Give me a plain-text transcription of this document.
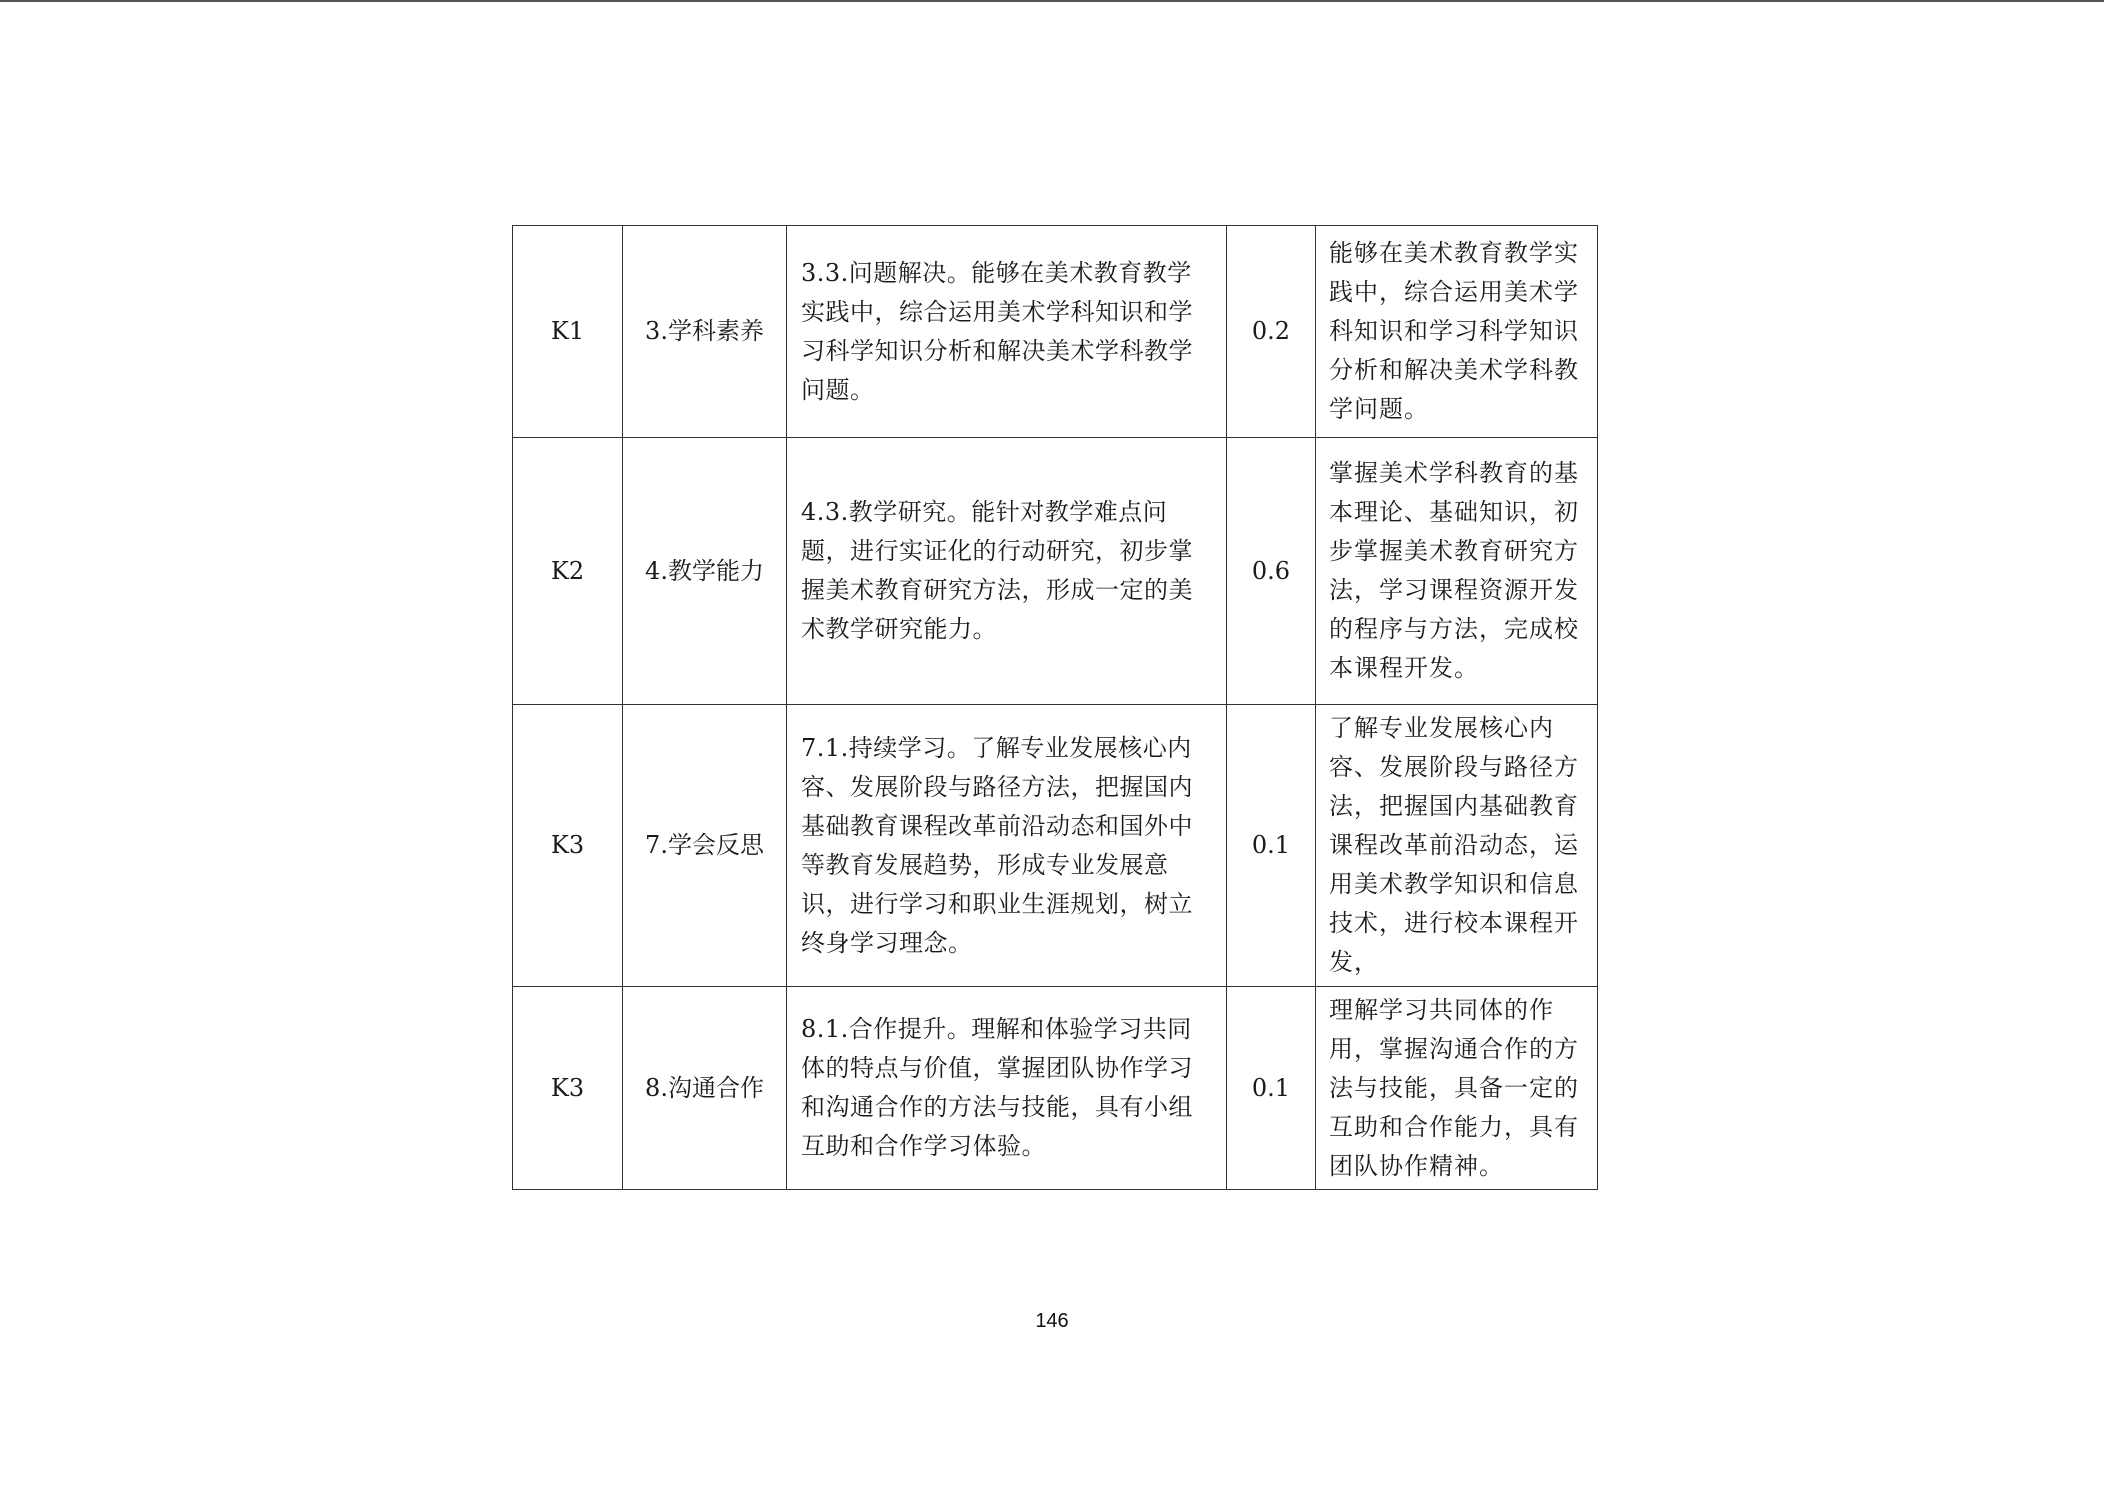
K1	3.学科素养	3.3.问题解决。能够在美术教育教学实践中，综合运用美术学科知识和学习科学知识分析和解决美术学科教学问题。	0.2	能够在美术教育教学实践中，综合运用美术学科知识和学习科学知识分析和解决美术学科教学问题。

K2	4.教学能力	4.3.教学研究。能针对教学难点问题，进行实证化的行动研究，初步掌握美术教育研究方法，形成一定的美术教学研究能力。	0.6	掌握美术学科教育的基本理论、基础知识，初步掌握美术教育研究方法，学习课程资源开发的程序与方法，完成校本课程开发。

K3	7.学会反思	7.1.持续学习。了解专业发展核心内容、发展阶段与路径方法，把握国内基础教育课程改革前沿动态和国外中等教育发展趋势，形成专业发展意识，进行学习和职业生涯规划，树立终身学习理念。	0.1	了解专业发展核心内容、发展阶段与路径方法，把握国内基础教育课程改革前沿动态，运用美术教学知识和信息技术，进行校本课程开发，

K3	8.沟通合作	8.1.合作提升。理解和体验学习共同体的特点与价值，掌握团队协作学习和沟通合作的方法与技能，具有小组互助和合作学习体验。	0.1	理解学习共同体的作用，掌握沟通合作的方法与技能，具备一定的互助和合作能力，具有团队协作精神。
146
